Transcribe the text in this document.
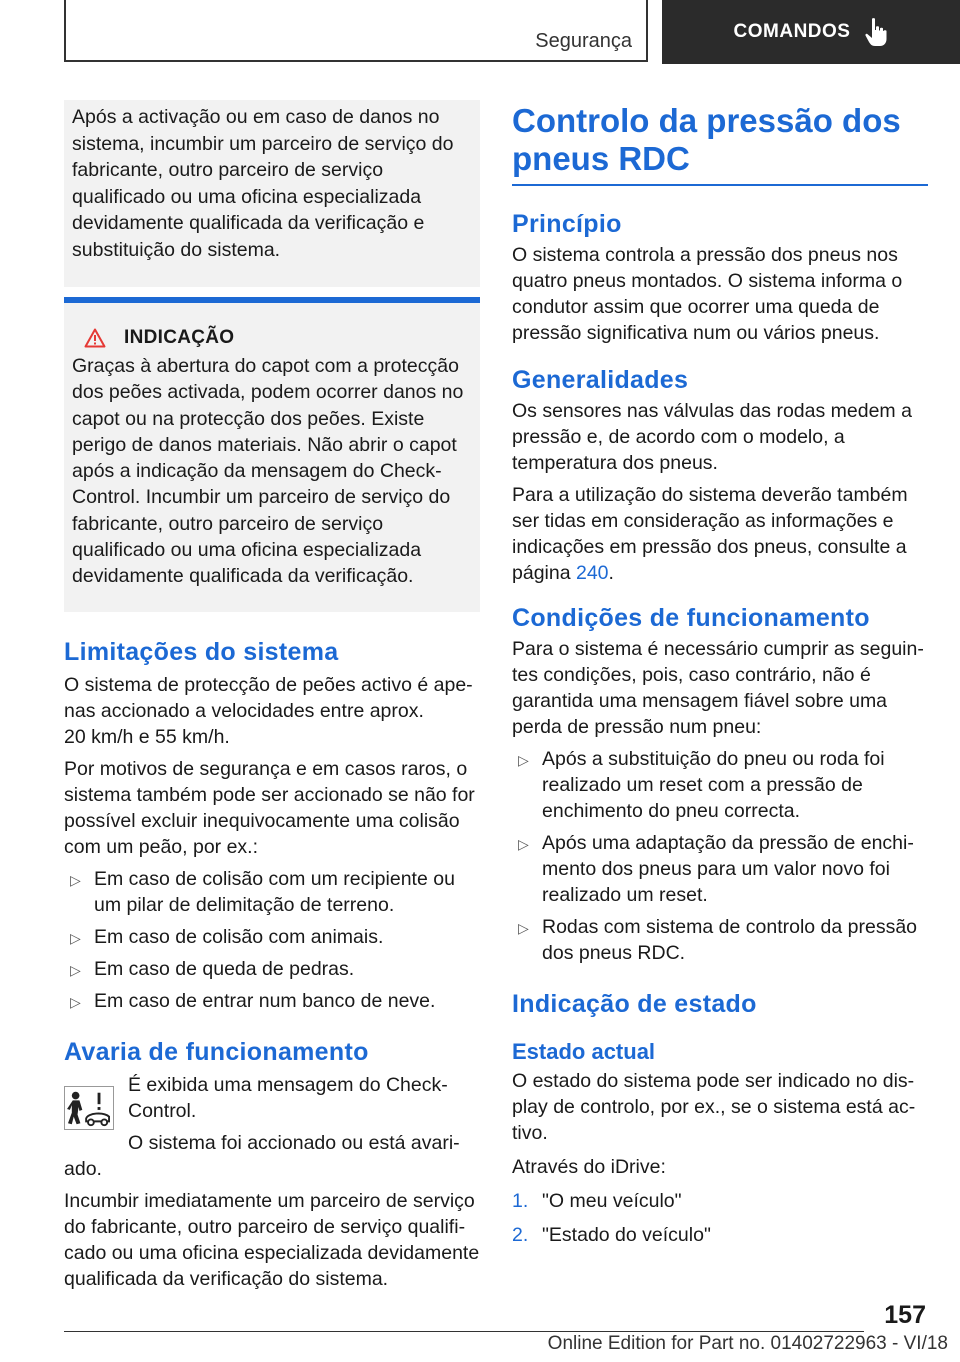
Segurança	COMANDOS

Após a activação ou em caso de danos no sistema, incumbir um parceiro de serviço do fabricante, outro parceiro de serviço qualificado ou uma oficina especializada devidamente qualificada da verificação e substituição do sistema.

INDICAÇÃO

Graças à abertura do capot com a protecção dos peões activada, podem ocorrer danos no capot ou na protecção dos peões. Existe perigo de danos materiais. Não abrir o capot após a indicação da mensagem do Check-Control. Incumbir um parceiro de serviço do fabricante, outro parceiro de serviço qualificado ou uma oficina especializada devidamente qualificada da verificação.

Limitações do sistema

O sistema de protecção de peões activo é apenas accionado a velocidades entre aprox.
20 km/h e 55 km/h.

Por motivos de segurança e em casos raros, o sistema também pode ser accionado se não for possível excluir inequivocamente uma colisão com um peão, por ex.:

▷ Em caso de colisão com um recipiente ou um pilar de delimitação de terreno.
▷ Em caso de colisão com animais.
▷ Em caso de queda de pedras.
▷ Em caso de entrar num banco de neve.
Avaria de funcionamento

É exibida uma mensagem do Check-Control.

O sistema foi accionado ou está avariado.

Incumbir imediatamente um parceiro de serviço do fabricante, outro parceiro de serviço qualificado ou uma oficina especializada devidamente qualificada da verificação do sistema.

Controlo da pressão dos pneus RDC
Princípio

O sistema controla a pressão dos pneus nos quatro pneus montados. O sistema informa o condutor assim que ocorrer uma queda de pressão significativa num ou vários pneus.

Generalidades

Os sensores nas válvulas das rodas medem a pressão e, de acordo com o modelo, a temperatura dos pneus.

Para a utilização do sistema deverão também ser tidas em consideração as informações e indicações em pressão dos pneus, consulte a página 240.

Condições de funcionamento

Para o sistema é necessário cumprir as seguintes condições, pois, caso contrário, não é garantida uma mensagem fiável sobre uma perda de pressão num pneu:

▷ Após a substituição do pneu ou roda foi realizado um reset com a pressão de enchimento do pneu correcta.
▷ Após uma adaptação da pressão de enchimento dos pneus para um valor novo foi realizado um reset.
▷ Rodas com sistema de controlo da pressão dos pneus RDC.
Indicação de estado
Estado actual

O estado do sistema pode ser indicado no display de controlo, por ex., se o sistema está activo.

Através do iDrive:

1. "O meu veículo"
2. "Estado do veículo"
157
Online Edition for Part no. 01402722963 - VI/18
